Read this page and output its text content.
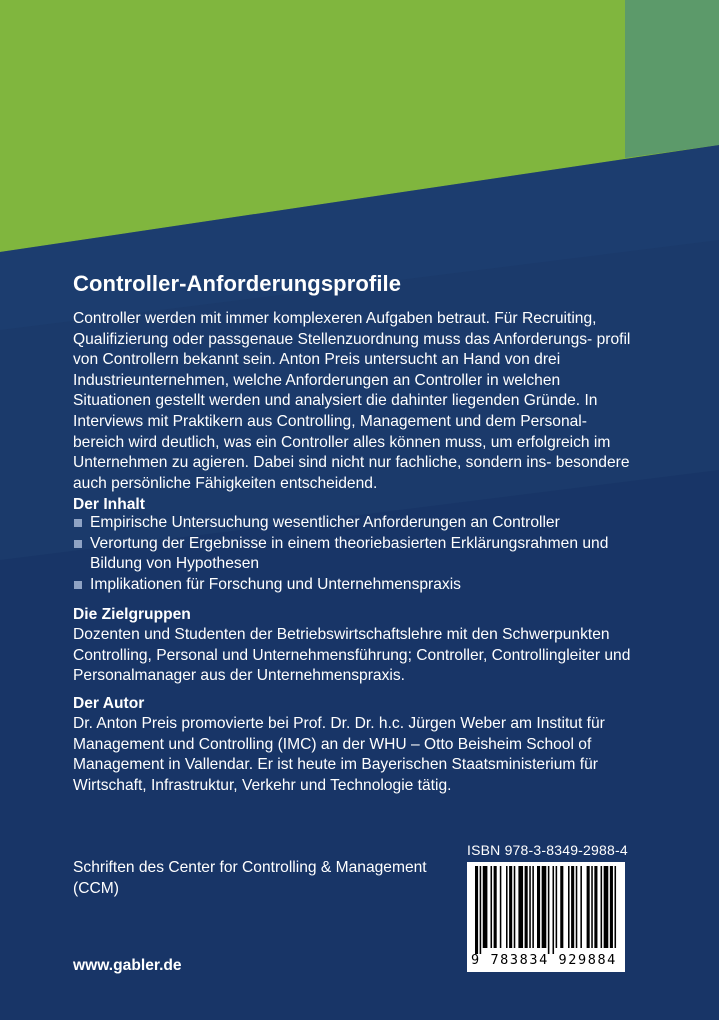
Controller-Anforderungsprofile
Controller werden mit immer komplexeren Aufgaben betraut. Für Recruiting, Qualifizierung oder passgenaue Stellenzuordnung muss das Anforderungs- profil von Controllern bekannt sein. Anton Preis untersucht an Hand von drei Industrieunternehmen, welche Anforderungen an Controller in welchen Situationen gestellt werden und analysiert die dahinter liegenden Gründe. In Interviews mit Praktikern aus Controlling, Management und dem Personal- bereich wird deutlich, was ein Controller alles können muss, um erfolgreich im Unternehmen zu agieren. Dabei sind nicht nur fachliche, sondern ins- besondere auch persönliche Fähigkeiten entscheidend.
Der Inhalt
Empirische Untersuchung wesentlicher Anforderungen an Controller
Verortung der Ergebnisse in einem theoriebasierten Erklärungsrahmen und Bildung von Hypothesen
Implikationen für Forschung und Unternehmenspraxis
Die Zielgruppen
Dozenten und Studenten der Betriebswirtschaftslehre mit den Schwerpunkten Controlling, Personal und Unternehmensführung; Controller, Controllingleiter und Personalmanager aus der Unternehmenspraxis.
Der Autor
Dr. Anton Preis promovierte bei Prof. Dr. Dr. h.c. Jürgen Weber am Institut für Management und Controlling (IMC) an der WHU – Otto Beisheim School of Management in Vallendar. Er ist heute im Bayerischen Staatsministerium für Wirtschaft, Infrastruktur, Verkehr und Technologie tätig.
Schriften des Center for Controlling & Management (CCM)
www.gabler.de
ISBN 978-3-8349-2988-4
9 783834 929884
